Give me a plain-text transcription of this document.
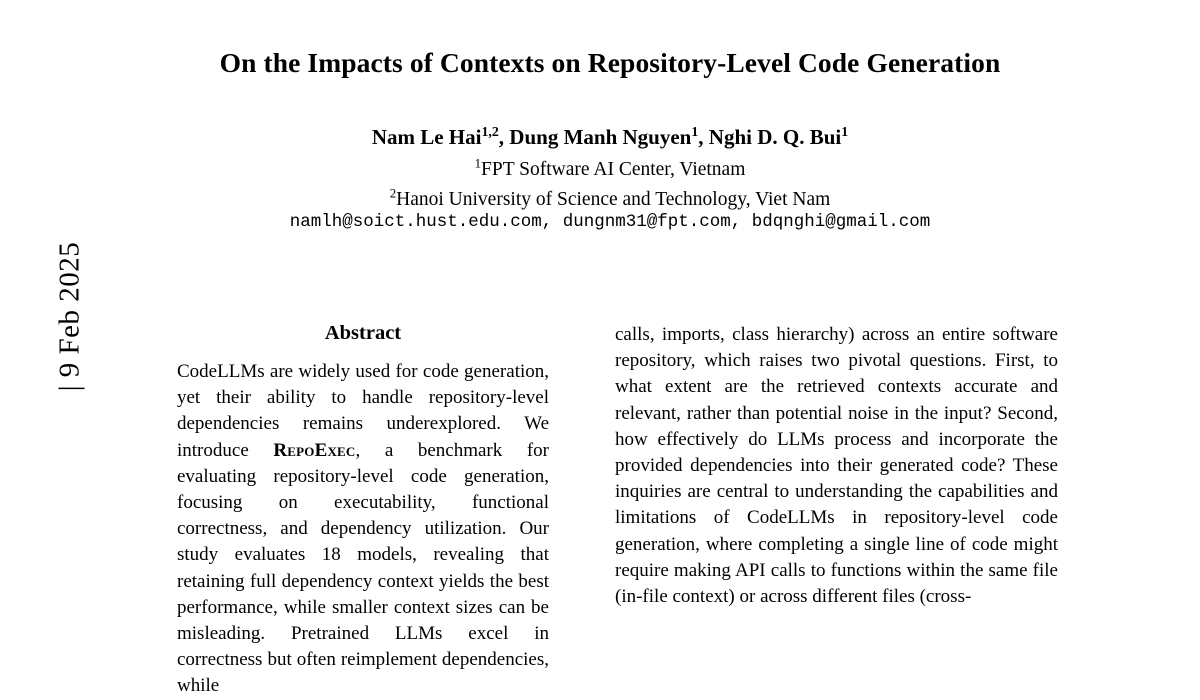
| 9 Feb 2025
On the Impacts of Contexts on Repository-Level Code Generation
Nam Le Hai$^{1,2}$, Dung Manh Nguyen$^1$, Nghi D. Q. Bui$^1$
$^1$FPT Software AI Center, Vietnam
$^2$Hanoi University of Science and Technology, Viet Nam
namlh@soict.hust.edu.com, dungnm31@fpt.com, bdqnghi@gmail.com
Abstract

CodeLLMs are widely used for code generation, yet their ability to handle repository-level dependencies remains underexplored. We introduce RepoExec, a benchmark for evaluating repository-level code generation, focusing on executability, functional correctness, and dependency utilization. Our study evaluates 18 models, revealing that retaining full dependency context yields the best performance, while smaller context sizes can be misleading. Pretrained LLMs excel in correctness but often reimplement dependencies, while

calls, imports, class hierarchy) across an entire software repository, which raises two pivotal questions. First, to what extent are the retrieved contexts accurate and relevant, rather than potential noise in the input? Second, how effectively do LLMs process and incorporate the provided dependencies into their generated code? These inquiries are central to understanding the capabilities and limitations of CodeLLMs in repository-level code generation, where completing a single line of code might require making API calls to functions within the same file (in-file context) or across different files (cross-
